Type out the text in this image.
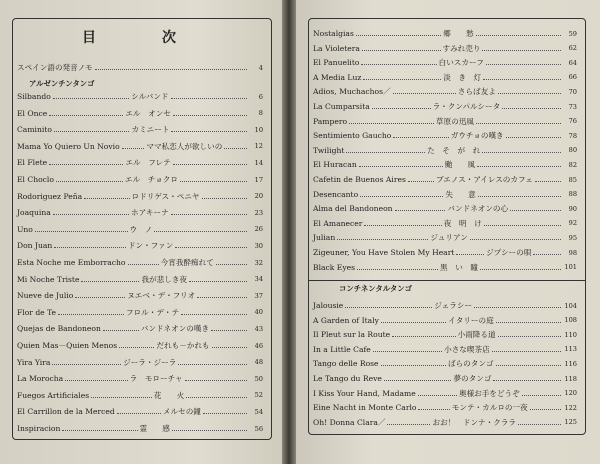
目　次
スペイン語の発音ノモ	4
アルゼンチンタンゴ
Silbando	シルバンド	6
El Once	エル　オンセ	8
Caminito	カミニート	10
Mama Yo Quiero Un Novio	ママ私恋人が欲しいの	12
El Flete	エル　フレテ	14
El Choclo	エル　チョクロ	17
Rodoriguez Peña	ロドリゲス・ペニヤ	20
Joaquina	ホアキーナ	23
Uno	ウ　ノ	26
Don Juan	ドン・ファン	30
Esta Noche me Emborracho	今宵我酔痴れて	32
Mi Noche Triste	我が悲しき夜	34
Nueve de Julio	ヌエベ・デ・フリオ	37
Flor de Te	フロル・デ・テ	40
Quejas de Bandoneon	バンドネオンの嘆き	43
Quien Mas－Quien Menos	だれも－かれも	46
Yira Yira	ジーラ・ジーラ	48
La Morocha	ラ　モローチャ	50
Fuegos Artificiales	花　　火	52
El Carrillon de la Merced	メルセの鐘	54
Inspiracion	霊　　感	56
Nostalgias	郷　　愁	59
La Violetera	すみれ売り	62
El Panuelito	白いスカーフ	64
A Media Luz	淡　き　灯	66
Adios, Muchachos／	さらば友よ	70
La Cumparsita	ラ・クンパルシータ	73
Pampero	草原の迅風	76
Sentimiento Gaucho	ガウチョの嘆き	78
Twilight	た　そ　が　れ	80
El Huracan	颱　　風	82
Cafetin de Buenos Aires	ブエノス・アイレスのカフェ	85
Desencanto	失　　意	88
Alma del Bandoneon	バンドネオンの心	90
El Amanecer	夜　明　け	92
Julian	ジュリアン	95
Zigeuner, You Have Stolen My Heart	ジプシーの唄	98
Black Eyes	黒　い　瞳	101
コンチネンタルタンゴ
Jalousie	ジェラシー	104
A Garden of Italy	イタリーの庭	108
Il Pleut sur la Route	小雨降る道	110
In a Little Cafe	小さな喫茶店	113
Tango delle Rose	ばらのタンゴ	116
Le Tango du Reve	夢のタンゴ	118
I Kiss Your Hand, Madame	奥様お手をどうぞ	120
Eine Nacht in Monte Carlo	モンテ・カルロの一夜	122
Oh! Donna Clara／	おお！　ドンナ・クララ	125
